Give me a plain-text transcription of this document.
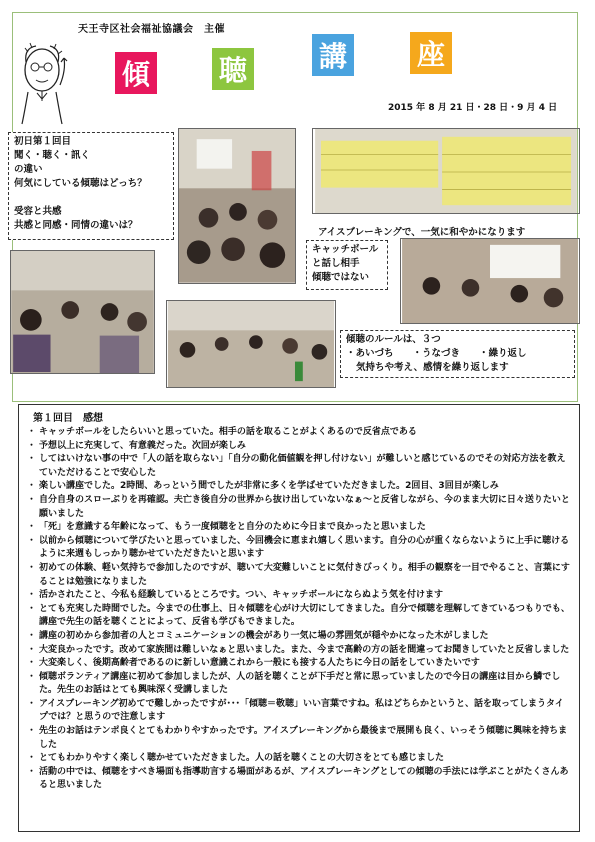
天王寺区社会福祉協議会　主催
傾 聴	講 座
2015 年 8 月 21 日・28 日・9 月 4 日
初日第１回目
聞く・聴く・訊く
の違い
何気にしている傾聴はどっち？
受容と共感
共感と同感・同情の違いは？
アイスブレーキングで、一気に和やかになります
キャッチボール
と話し相手
傾聴ではない
傾聴のルールは、３つ
・あいづち　　・うなづき　　・繰り返し
気持ちや考え、感情を繰り返します
第１回目　感想
・ キャッチボールをしたらいいと思っていた。相手の話を取ることがよくあるので反省点である
・ 予想以上に充実して、有意義だった。次回が楽しみ
・ してはいけない事の中で「人の話を取らない」「自分の動化価値観を押し付けない」が難しいと感じているのでその対応方法を教えていただけることで安心した
・ 楽しい講座でした。2時間、あっという間でしたが非常に多くを学ばせていただきました。2回目、3回目が楽しみ
・ 自分自身のスローぶりを再確認。夫亡き後自分の世界から抜け出していないなぁ～と反省しながら、今のまま大切に日々送りたいと願いました
・ 「死」を意識する年齢になって、もう一度傾聴をと自分のために今日まで良かったと思いました
・ 以前から傾聴について学びたいと思っていました、今回機会に恵まれ嬉しく思います。自分の心が重くならないように上手に聴けるように来週もしっかり聴かせていただきたいと思います
・ 初めての体験、軽い気持ちで参加したのですが、聴いて大変難しいことに気付きびっくり。相手の観察を一目でやること、言葉にすることは勉強になりました
・ 活かされたこと、今私も経験しているところです。つい、キャッチボールにならぬよう気を付けます
・ とても充実した時間でした。今までの仕事上、日々傾聴を心がけ大切にしてきました。自分で傾聴を理解してきているつもりでも、講座で先生の話を聴くことによって、反省も学びもできました。
・ 講座の初めから参加者の人とコミュニケーションの機会があり一気に場の雰囲気が穏やかになった木がしました
・ 大変良かったです。改めて家族間は難しいなぁと思いました。また、今まで高齢の方の話を間違ってお聞きしていたと反省しました
・ 大変楽しく、後期高齢者であるのに新しい意識これから一般にも接する人たちに今日の話をしていきたいです
・ 傾聴ボランティア講座に初めて参加しましたが、人の話を聴くことが下手だと常に思っていましたので今日の講座は目から鱗でした。先生のお話はとても興味深く受講しました
・ アイスブレーキング初めてで難しかったですが･･･「傾聴＝敬聴」いい言葉ですね。私はどちらかというと、話を取ってしまうタイプでは？と思うので注意します
・ 先生のお話はテンポ良くとてもわかりやすかったです。アイスブレーキングから最後まで展開も良く、いっそう傾聴に興味を持ちました
・ とてもわかりやすく楽しく聴かせていただきました。人の話を聴くことの大切さをとても感じました
・ 活動の中では、傾聴をすべき場面も指導助言する場面があるが、アイスブレーキングとしての傾聴の手法には学ぶことがたくさんあると思いました
